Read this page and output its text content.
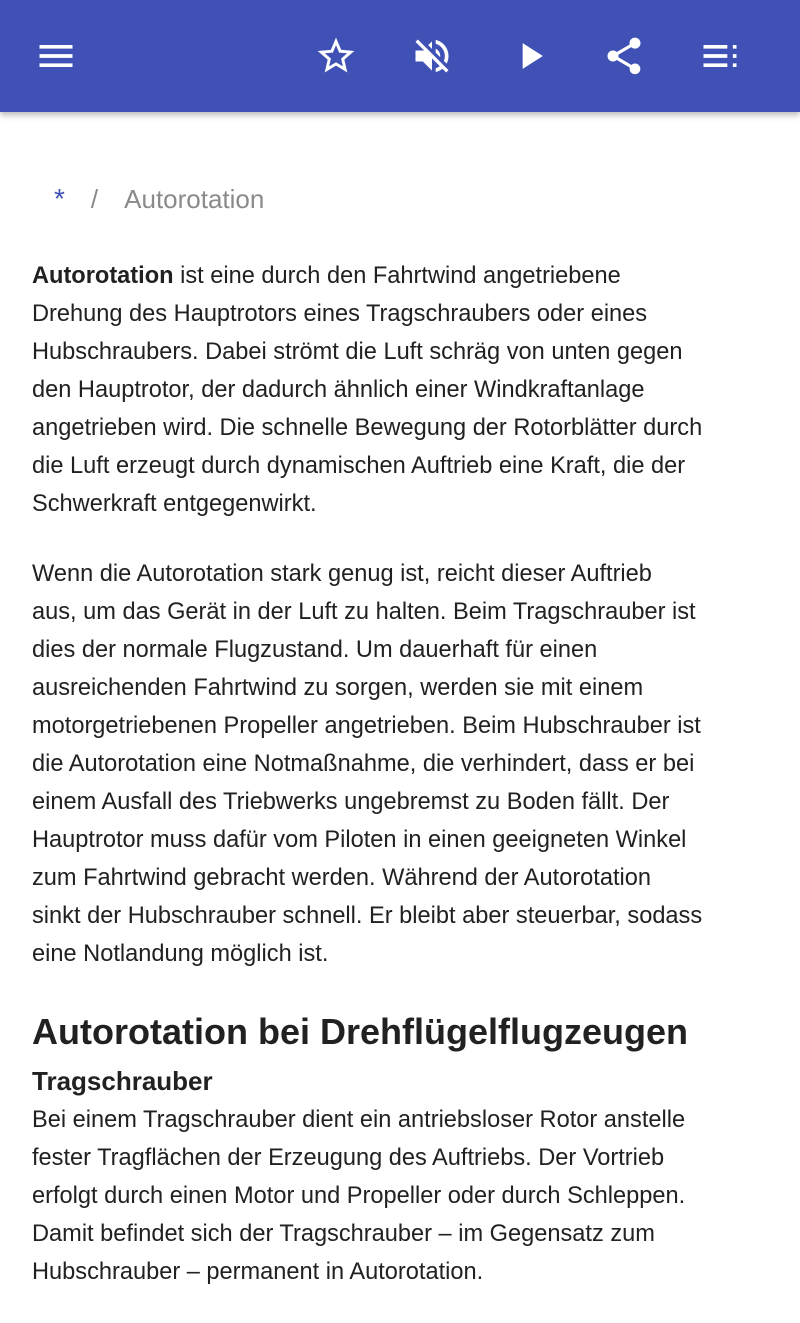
* / Autorotation

Autorotation ist eine durch den Fahrtwind angetriebene
Drehung des Hauptrotors eines Tragschraubers oder eines
Hubschraubers. Dabei strömt die Luft schräg von unten gegen
den Hauptrotor, der dadurch ähnlich einer Windkraftanlage
angetrieben wird. Die schnelle Bewegung der Rotorblätter durch
die Luft erzeugt durch dynamischen Auftrieb eine Kraft, die der
Schwerkraft entgegenwirkt.

Wenn die Autorotation stark genug ist, reicht dieser Auftrieb
aus, um das Gerät in der Luft zu halten. Beim Tragschrauber ist
dies der normale Flugzustand. Um dauerhaft für einen
ausreichenden Fahrtwind zu sorgen, werden sie mit einem
motorgetriebenen Propeller angetrieben. Beim Hubschrauber ist
die Autorotation eine Notmaßnahme, die verhindert, dass er bei
einem Ausfall des Triebwerks ungebremst zu Boden fällt. Der
Hauptrotor muss dafür vom Piloten in einen geeigneten Winkel
zum Fahrtwind gebracht werden. Während der Autorotation
sinkt der Hubschrauber schnell. Er bleibt aber steuerbar, sodass
eine Notlandung möglich ist.

Autorotation bei Drehflügelflugzeugen
Tragschrauber

Bei einem Tragschrauber dient ein antriebsloser Rotor anstelle
fester Tragflächen der Erzeugung des Auftriebs. Der Vortrieb
erfolgt durch einen Motor und Propeller oder durch Schleppen.
Damit befindet sich der Tragschrauber – im Gegensatz zum
Hubschrauber – permanent in Autorotation.
